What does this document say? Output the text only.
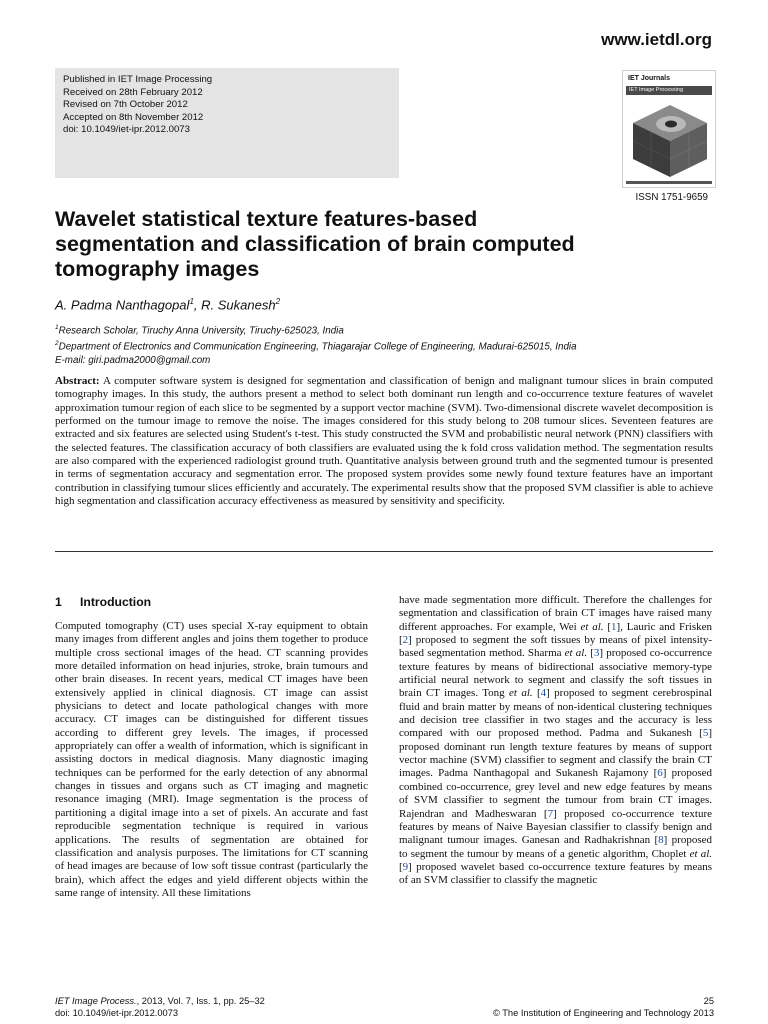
www.ietdl.org
Published in IET Image Processing
Received on 28th February 2012
Revised on 7th October 2012
Accepted on 8th November 2012
doi: 10.1049/iet-ipr.2012.0073
IET Journals
IET Image Processing
ISSN 1751-9659
Wavelet statistical texture features-based
segmentation and classification of brain computed
tomography images
A. Padma Nanthagopal$^1$, R. Sukanesh$^2$
$^1$Research Scholar, Tiruchy Anna University, Tiruchy-625023, India
$^2$Department of Electronics and Communication Engineering, Thiagarajar College of Engineering, Madurai-625015, India
E-mail: giri.padma2000@gmail.com

Abstract: A computer software system is designed for segmentation and classification of benign and malignant tumour slices in brain computed tomography images. In this study, the authors present a method to select both dominant run length and co-occurrence texture features of wavelet approximation tumour region of each slice to be segmented by a support vector machine (SVM). Two-dimensional discrete wavelet decomposition is performed on the tumour image to remove the noise. The images considered for this study belong to 208 tumour slices. Seventeen features are extracted and six features are selected using Student's t-test. This study constructed the SVM and probabilistic neural network (PNN) classifiers with the selected features. The classification accuracy of both classifiers are evaluated using the k fold cross validation method. The segmentation results are also compared with the experienced radiologist ground truth. Quantitative analysis between ground truth and the segmented tumour is presented in terms of segmentation accuracy and segmentation error. The proposed system provides some newly found texture features have an important contribution in classifying tumour slices efficiently and accurately. The experimental results show that the proposed SVM classifier is able to achieve high segmentation and classification accuracy effectiveness as measured by sensitivity and specificity.

1 Introduction

Computed tomography (CT) uses special X-ray equipment to obtain many images from different angles and joins them together to produce multiple cross sectional images of the head. CT scanning provides more detailed information on head injuries, stroke, brain tumours and other brain diseases. In recent years, medical CT images have been extensively applied in clinical diagnosis. CT image can assist physicians to detect and locate pathological changes with more accuracy. CT images can be distinguished for different tissues according to different grey levels. The images, if processed appropriately can offer a wealth of information, which is significant in assisting doctors in medical diagnosis. Many diagnostic imaging techniques can be performed for the early detection of any abnormal changes in tissues and organs such as CT imaging and magnetic resonance imaging (MRI). Image segmentation is the process of partitioning a digital image into a set of pixels. An accurate and fast reproducible segmentation technique is required in various applications. The results of segmentation are obtained for classification and analysis purposes. The limitations for CT scanning of head images are because of low soft tissue contrast (particularly the brain), which affect the edges and yield different objects within the same range of intensity. All these limitations

have made segmentation more difficult. Therefore the challenges for segmentation and classification of brain CT images have raised many different approaches. For example, Wei et al. [1], Lauric and Frisken [2] proposed to segment the soft tissues by means of pixel intensity-based segmentation method. Sharma et al. [3] proposed co-occurrence texture features by means of bidirectional associative memory-type artificial neural network to segment and classify the soft tissues in brain CT images. Tong et al. [4] proposed to segment cerebrospinal fluid and brain matter by means of non-identical clustering techniques and decision tree classifier in two stages and the accuracy is less compared with our proposed method. Padma and Sukanesh [5] proposed dominant run length texture features by means of support vector machine (SVM) classifier to segment and classify the brain CT images. Padma Nanthagopal and Sukanesh Rajamony [6] proposed combined co-occurrence, grey level and new edge features by means of SVM classifier to segment the tumour from brain CT images. Rajendran and Madheswaran [7] proposed co-occurrence texture features by means of Naive Bayesian classifier to classify benign and malignant tumour images. Ganesan and Radhakrishnan [8] proposed to segment the tumour by means of a genetic algorithm, Choplet et al. [9] proposed wavelet based co-occurrence texture features by means of an SVM classifier to classify the magnetic

IET Image Process., 2013, Vol. 7, Iss. 1, pp. 25–32
doi: 10.1049/iet-ipr.2012.0073
25
© The Institution of Engineering and Technology 2013
